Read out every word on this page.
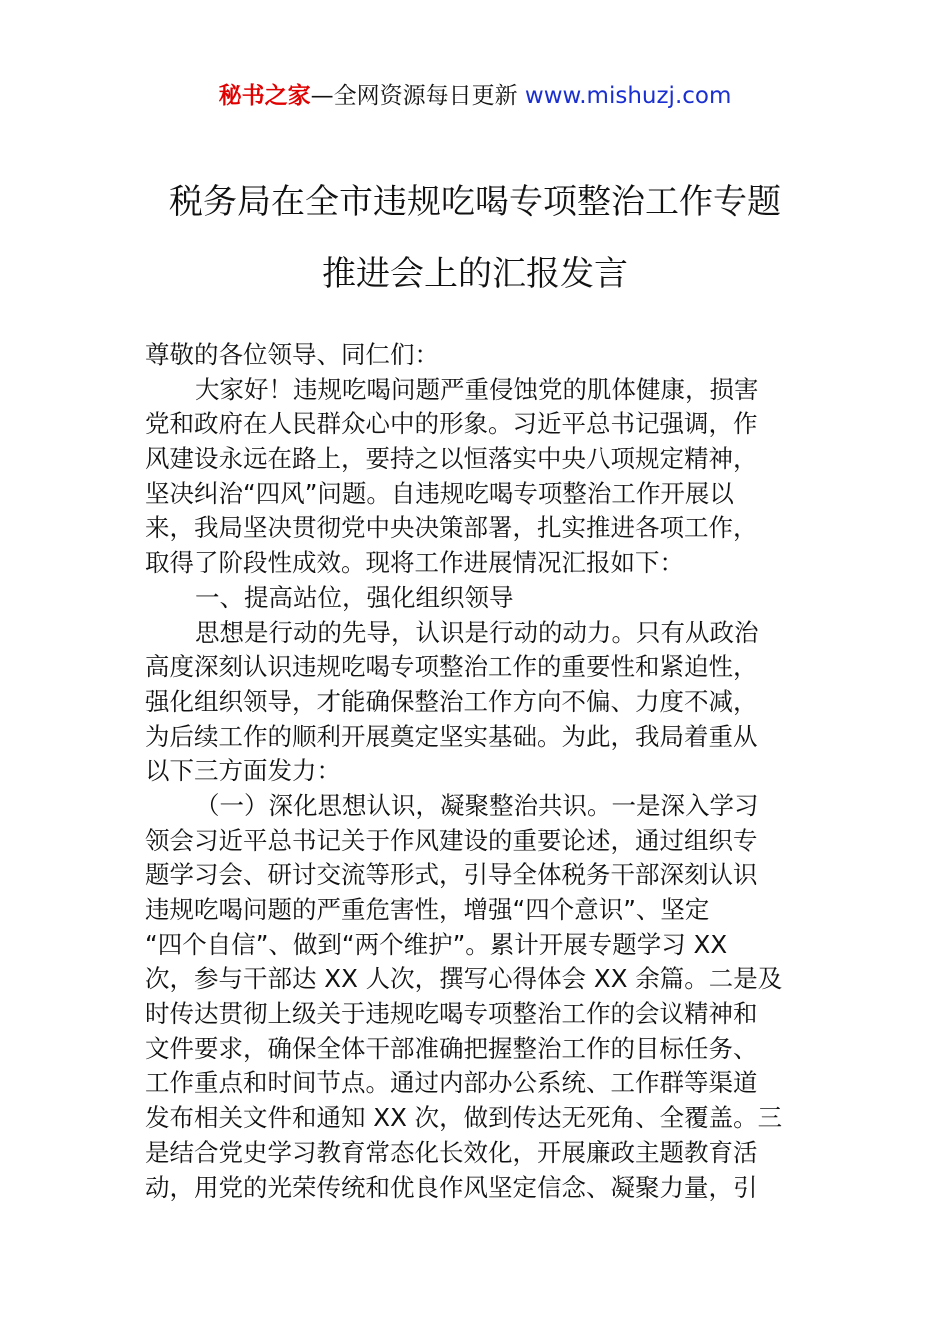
秘书之家—全网资源每日更新 www.mishuzj.com
税务局在全市违规吃喝专项整治工作专题
推进会上的汇报发言
尊敬的各位领导、同仁们：
大家好！违规吃喝问题严重侵蚀党的肌体健康，损害
党和政府在人民群众心中的形象。习近平总书记强调，作
风建设永远在路上，要持之以恒落实中央八项规定精神，
坚决纠治“四风”问题。自违规吃喝专项整治工作开展以
来，我局坚决贯彻党中央决策部署，扎实推进各项工作，
取得了阶段性成效。现将工作进展情况汇报如下：
一、提高站位，强化组织领导
思想是行动的先导，认识是行动的动力。只有从政治
高度深刻认识违规吃喝专项整治工作的重要性和紧迫性，
强化组织领导，才能确保整治工作方向不偏、力度不减，
为后续工作的顺利开展奠定坚实基础。为此，我局着重从
以下三方面发力：
（一）深化思想认识，凝聚整治共识。一是深入学习
领会习近平总书记关于作风建设的重要论述，通过组织专
题学习会、研讨交流等形式，引导全体税务干部深刻认识
违规吃喝问题的严重危害性，增强“四个意识”、坚定
“四个自信”、做到“两个维护”。累计开展专题学习 XX
次，参与干部达 XX 人次，撰写心得体会 XX 余篇。二是及
时传达贯彻上级关于违规吃喝专项整治工作的会议精神和
文件要求，确保全体干部准确把握整治工作的目标任务、
工作重点和时间节点。通过内部办公系统、工作群等渠道
发布相关文件和通知 XX 次，做到传达无死角、全覆盖。三
是结合党史学习教育常态化长效化，开展廉政主题教育活
动，用党的光荣传统和优良作风坚定信念、凝聚力量，引
